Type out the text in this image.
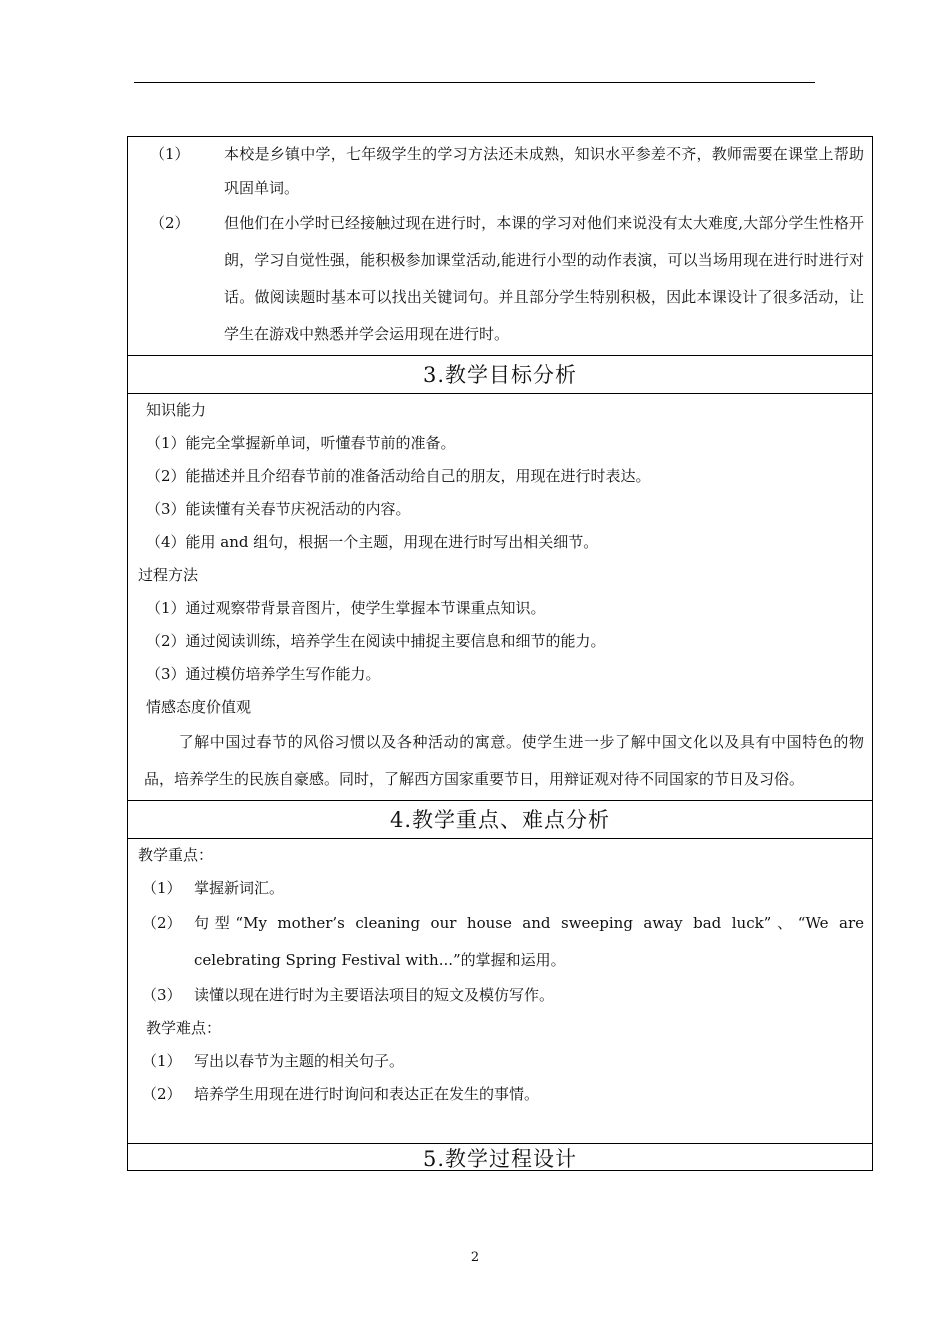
（1）	本校是乡镇中学，七年级学生的学习方法还未成熟，知识水平参差不齐，教师需要在课堂上帮助巩固单词。
（2）	但他们在小学时已经接触过现在进行时，本课的学习对他们来说没有太大难度,大部分学生性格开朗，学习自觉性强，能积极参加课堂活动,能进行小型的动作表演，可以当场用现在进行时进行对话。做阅读题时基本可以找出关键词句。并且部分学生特别积极，因此本课设计了很多活动，让学生在游戏中熟悉并学会运用现在进行时。
3.教学目标分析
知识能力
（1）能完全掌握新单词，听懂春节前的准备。
（2）能描述并且介绍春节前的准备活动给自己的朋友，用现在进行时表达。
（3）能读懂有关春节庆祝活动的内容。
（4）能用 and 组句，根据一个主题，用现在进行时写出相关细节。
过程方法
（1）通过观察带背景音图片，使学生掌握本节课重点知识。
（2）通过阅读训练，培养学生在阅读中捕捉主要信息和细节的能力。
（3）通过模仿培养学生写作能力。
情感态度价值观
了解中国过春节的风俗习惯以及各种活动的寓意。使学生进一步了解中国文化以及具有中国特色的物品，培养学生的民族自豪感。同时，了解西方国家重要节日，用辩证观对待不同国家的节日及习俗。
4.教学重点、难点分析
教学重点：
（1） 掌握新词汇。
（2） 句型“My mother’s cleaning our house and sweeping away bad luck”、“We are celebrating Spring Festival with...”的掌握和运用。
（3） 读懂以现在进行时为主要语法项目的短文及模仿写作。
教学难点：
（1） 写出以春节为主题的相关句子。
（2） 培养学生用现在进行时询问和表达正在发生的事情。
5.教学过程设计
2
